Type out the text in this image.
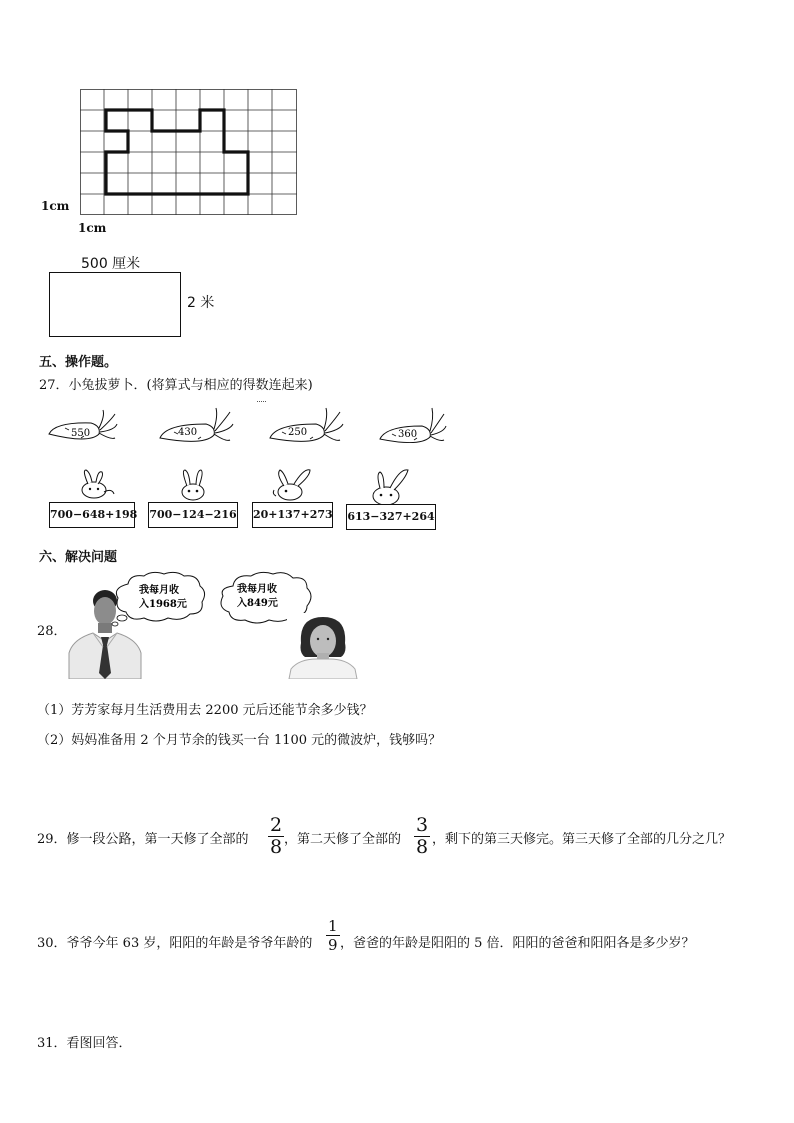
1cm
1cm
500 厘米
2 米
五、操作题。
27．小兔拔萝卜．(将算式与相应的得数连起来)
550	430	250	360
700−648+198 700−124−216 20+137+273 613−327+264
六、解决问题
28．
我每月收
入1968元
我每月收
入849元
（1）芳芳家每月生活费用去 2200 元后还能节余多少钱？
（2）妈妈准备用 2 个月节余的钱买一台 1100 元的微波炉，钱够吗？
29．修一段公路，第一天修了全部的
2
8 ，第二天修了全部的
3
8 ，剩下的第三天修完。第三天修了全部的几分之几？
30．爷爷今年 63 岁，阳阳的年龄是爷爷年龄的
1
9 ，爸爸的年龄是阳阳的 5 倍．阳阳的爸爸和阳阳各是多少岁？
31．看图回答．
